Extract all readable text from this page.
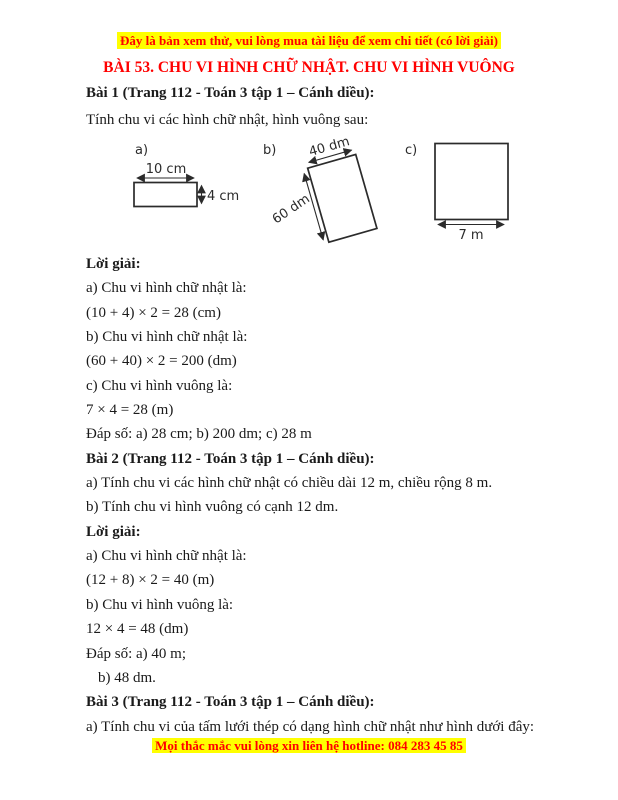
Đây là bản xem thử, vui lòng mua tài liệu để xem chi tiết (có lời giải)
BÀI 53. CHU VI HÌNH CHỮ NHẬT. CHU VI HÌNH VUÔNG
Bài 1 (Trang 112 - Toán 3 tập 1 – Cánh diều):
Tính chu vi các hình chữ nhật, hình vuông sau:
a)
10 cm
4 cm
b) 40 dm
60 dm
c)
7 m

Lời giải:

a) Chu vi hình chữ nhật là:

(10 + 4) × 2 = 28 (cm)

b) Chu vi hình chữ nhật là:

(60 + 40) × 2 = 200 (dm)

c) Chu vi hình vuông là:

7 × 4 = 28 (m)

Đáp số: a) 28 cm; b) 200 dm; c) 28 m

Bài 2 (Trang 112 - Toán 3 tập 1 – Cánh diều):

a) Tính chu vi các hình chữ nhật có chiều dài 12 m, chiều rộng 8 m.

b) Tính chu vi hình vuông có cạnh 12 dm.

Lời giải:

a) Chu vi hình chữ nhật là:

(12 + 8) × 2 = 40 (m)

b) Chu vi hình vuông là:

12 × 4 = 48 (dm)

Đáp số: a) 40 m;

b) 48 dm.

Bài 3 (Trang 112 - Toán 3 tập 1 – Cánh diều):

a) Tính chu vi của tấm lưới thép có dạng hình chữ nhật như hình dưới đây:

Mọi thắc mắc vui lòng xin liên hệ hotline: 084 283 45 85
